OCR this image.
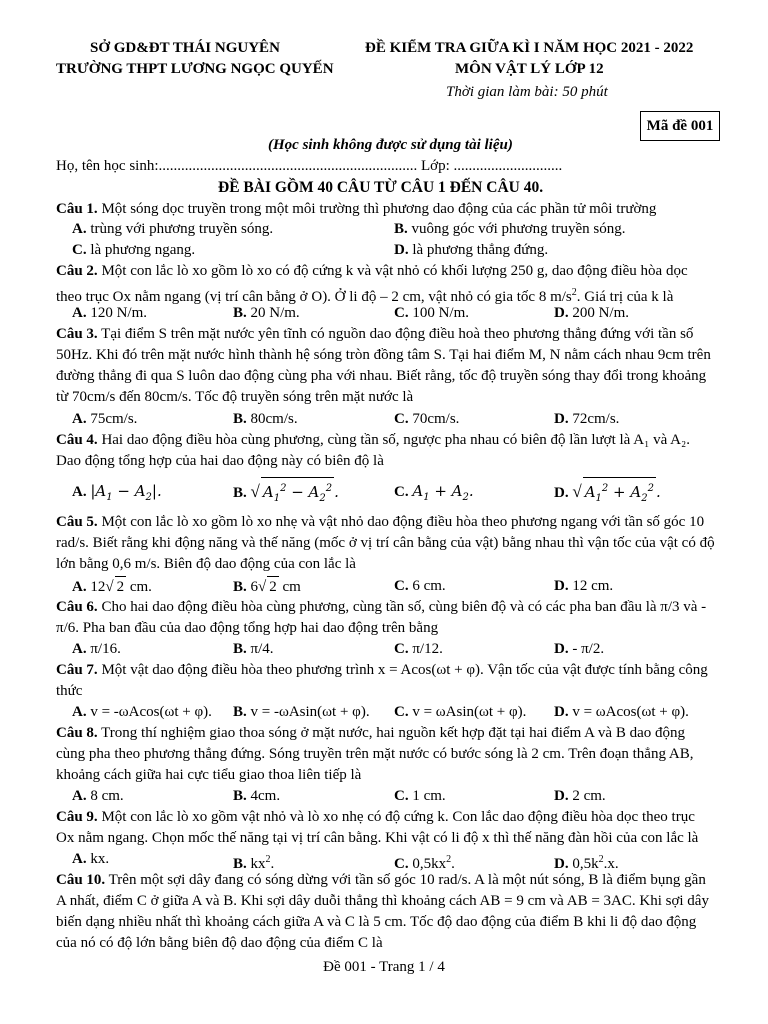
SỞ GD&ĐT THÁI NGUYÊN
TRƯỜNG THPT LƯƠNG NGỌC QUYẾN
ĐỀ KIỂM TRA GIỮA KÌ I NĂM HỌC 2021 - 2022
MÔN VẬT LÝ LỚP 12
Thời gian làm bài: 50 phút
Mã đề 001
(Học sinh không được sử dụng tài liệu)
Họ, tên học sinh:..................................................................... Lớp: .............................
ĐỀ BÀI GỒM 40 CÂU TỪ CÂU 1 ĐẾN CÂU 40.
Câu 1. Một sóng dọc truyền trong một môi trường thì phương dao động của các phần tử môi trường
A. trùng với phương truyền sóng.	B. vuông góc với phương truyền sóng.
C. là phương ngang.	D. là phương thẳng đứng.
Câu 2. Một con lắc lò xo gồm lò xo có độ cứng k và vật nhỏ có khối lượng 250 g, dao động điều hòa dọc
theo trục Ox nằm ngang (vị trí cân bằng ở O). Ở li độ – 2 cm, vật nhỏ có gia tốc 8 $m/s^2$. Giá trị của k là
A. 120 N/m.	B. 20 N/m.	C. 100 N/m.	D. 200 N/m.
Câu 3. Tại điểm S trên mặt nước yên tĩnh có nguồn dao động điều hoà theo phương thẳng đứng với tần số
50Hz. Khi đó trên mặt nước hình thành hệ sóng tròn đồng tâm S. Tại hai điểm M, N nằm cách nhau 9cm trên
đường thẳng đi qua S luôn dao động cùng pha với nhau. Biết rằng, tốc độ truyền sóng thay đổi trong khoảng
từ 70cm/s đến 80cm/s. Tốc độ truyền sóng trên mặt nước là
A. 75cm/s.	B. 80cm/s.	C. 70cm/s.	D. 72cm/s.
Câu 4. Hai dao động điều hòa cùng phương, cùng tần số, ngược pha nhau có biên độ lần lượt là A₁ và A₂.
Dao động tổng hợp của hai dao động này có biên độ là
A. $|A_1 - A_2|$.	B. √ $A_1^2 - A_2^2$ .	C. $A_1 + A_2$.	D. √ $A_1^2 + A_2^2$ .
Câu 5. Một con lắc lò xo gồm lò xo nhẹ và vật nhỏ dao động điều hòa theo phương ngang với tần số góc 10
rad/s. Biết rằng khi động năng và thế năng (mốc ở vị trí cân bằng của vật) bằng nhau thì vận tốc của vật có độ
lớn bằng 0,6 m/s. Biên độ dao động của con lắc là
A. 12√ 2 cm.	B. 6√ 2 cm	C. 6 cm.	D. 12 cm.
Câu 6. Cho hai dao động điều hòa cùng phương, cùng tần số, cùng biên độ và có các pha ban đầu là π/3 và -
π/6. Pha ban đầu của dao động tổng hợp hai dao động trên bằng
A. π/16.	B. π/4.	C. π/12.	D. - π/2.
Câu 7. Một vật dao động điều hòa theo phương trình x = Acos(ωt + φ). Vận tốc của vật được tính bằng công
thức
A. v = -ωAcos(ωt + φ). B. v = -ωAsin(ωt + φ). C. v = ωAsin(ωt + φ). D. v = ωAcos(ωt + φ).
Câu 8. Trong thí nghiệm giao thoa sóng ở mặt nước, hai nguồn kết hợp đặt tại hai điểm A và B dao động
cùng pha theo phương thẳng đứng. Sóng truyền trên mặt nước có bước sóng là 2 cm. Trên đoạn thẳng AB,
khoảng cách giữa hai cực tiểu giao thoa liên tiếp là
A. 8 cm.	B. 4cm.	C. 1 cm.	D. 2 cm.
Câu 9. Một con lắc lò xo gồm vật nhỏ và lò xo nhẹ có độ cứng k. Con lắc dao động điều hòa dọc theo trục
Ox nằm ngang. Chọn mốc thế năng tại vị trí cân bằng. Khi vật có li độ x thì thế năng đàn hồi của con lắc là
A. kx.	B. $kx^2$.	C. $0,5kx^2$.	D. $0,5k^2.x$.
Câu 10. Trên một sợi dây đang có sóng dừng với tần số góc 10 rad/s. A là một nút sóng, B là điểm bụng gần
A nhất, điểm C ở giữa A và B. Khi sợi dây duỗi thẳng thì khoảng cách AB = 9 cm và AB = 3AC. Khi sợi dây
biến dạng nhiều nhất thì khoảng cách giữa A và C là 5 cm. Tốc độ dao động của điểm B khi li độ dao động
của nó có độ lớn bằng biên độ dao động của điểm C là
Đề 001 - Trang 1 / 4
